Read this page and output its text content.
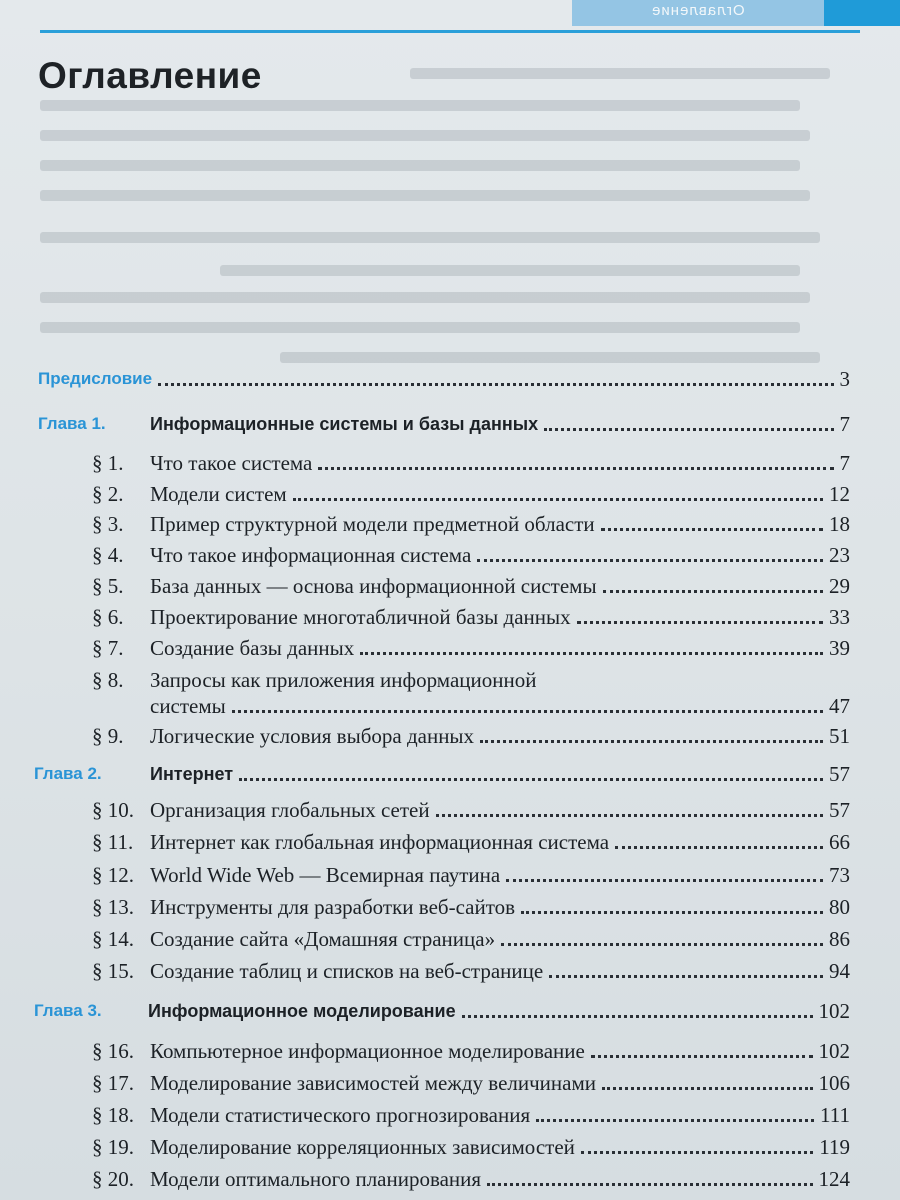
Оглавление
Оглавление
Предисловие	3
Глава 1. Информационные системы и базы данных	7
§ 1. Что такое система	7
§ 2. Модели систем	12
§ 3. Пример структурной модели предметной области	18
§ 4. Что такое информационная система	23
§ 5. База данных — основа информационной системы	29
§ 6. Проектирование многотабличной базы данных	33
§ 7. Создание базы данных	39
§ 8. Запросы как приложения информационной
системы	47
§ 9. Логические условия выбора данных	51
Глава 2.	Интернет	57
§ 10. Организация глобальных сетей	57
§ 11. Интернет как глобальная информационная система	66
§ 12. World Wide Web — Всемирная паутина	73
§ 13. Инструменты для разработки веб-сайтов	80
§ 14. Создание сайта «Домашняя страница»	86
§ 15. Создание таблиц и списков на веб-странице	94
Глава 3.	Информационное моделирование	102
§ 16. Компьютерное информационное моделирование	102
§ 17. Моделирование зависимостей между величинами	106
§ 18. Модели статистического прогнозирования	111
§ 19. Моделирование корреляционных зависимостей	119
§ 20. Модели оптимального планирования	124
